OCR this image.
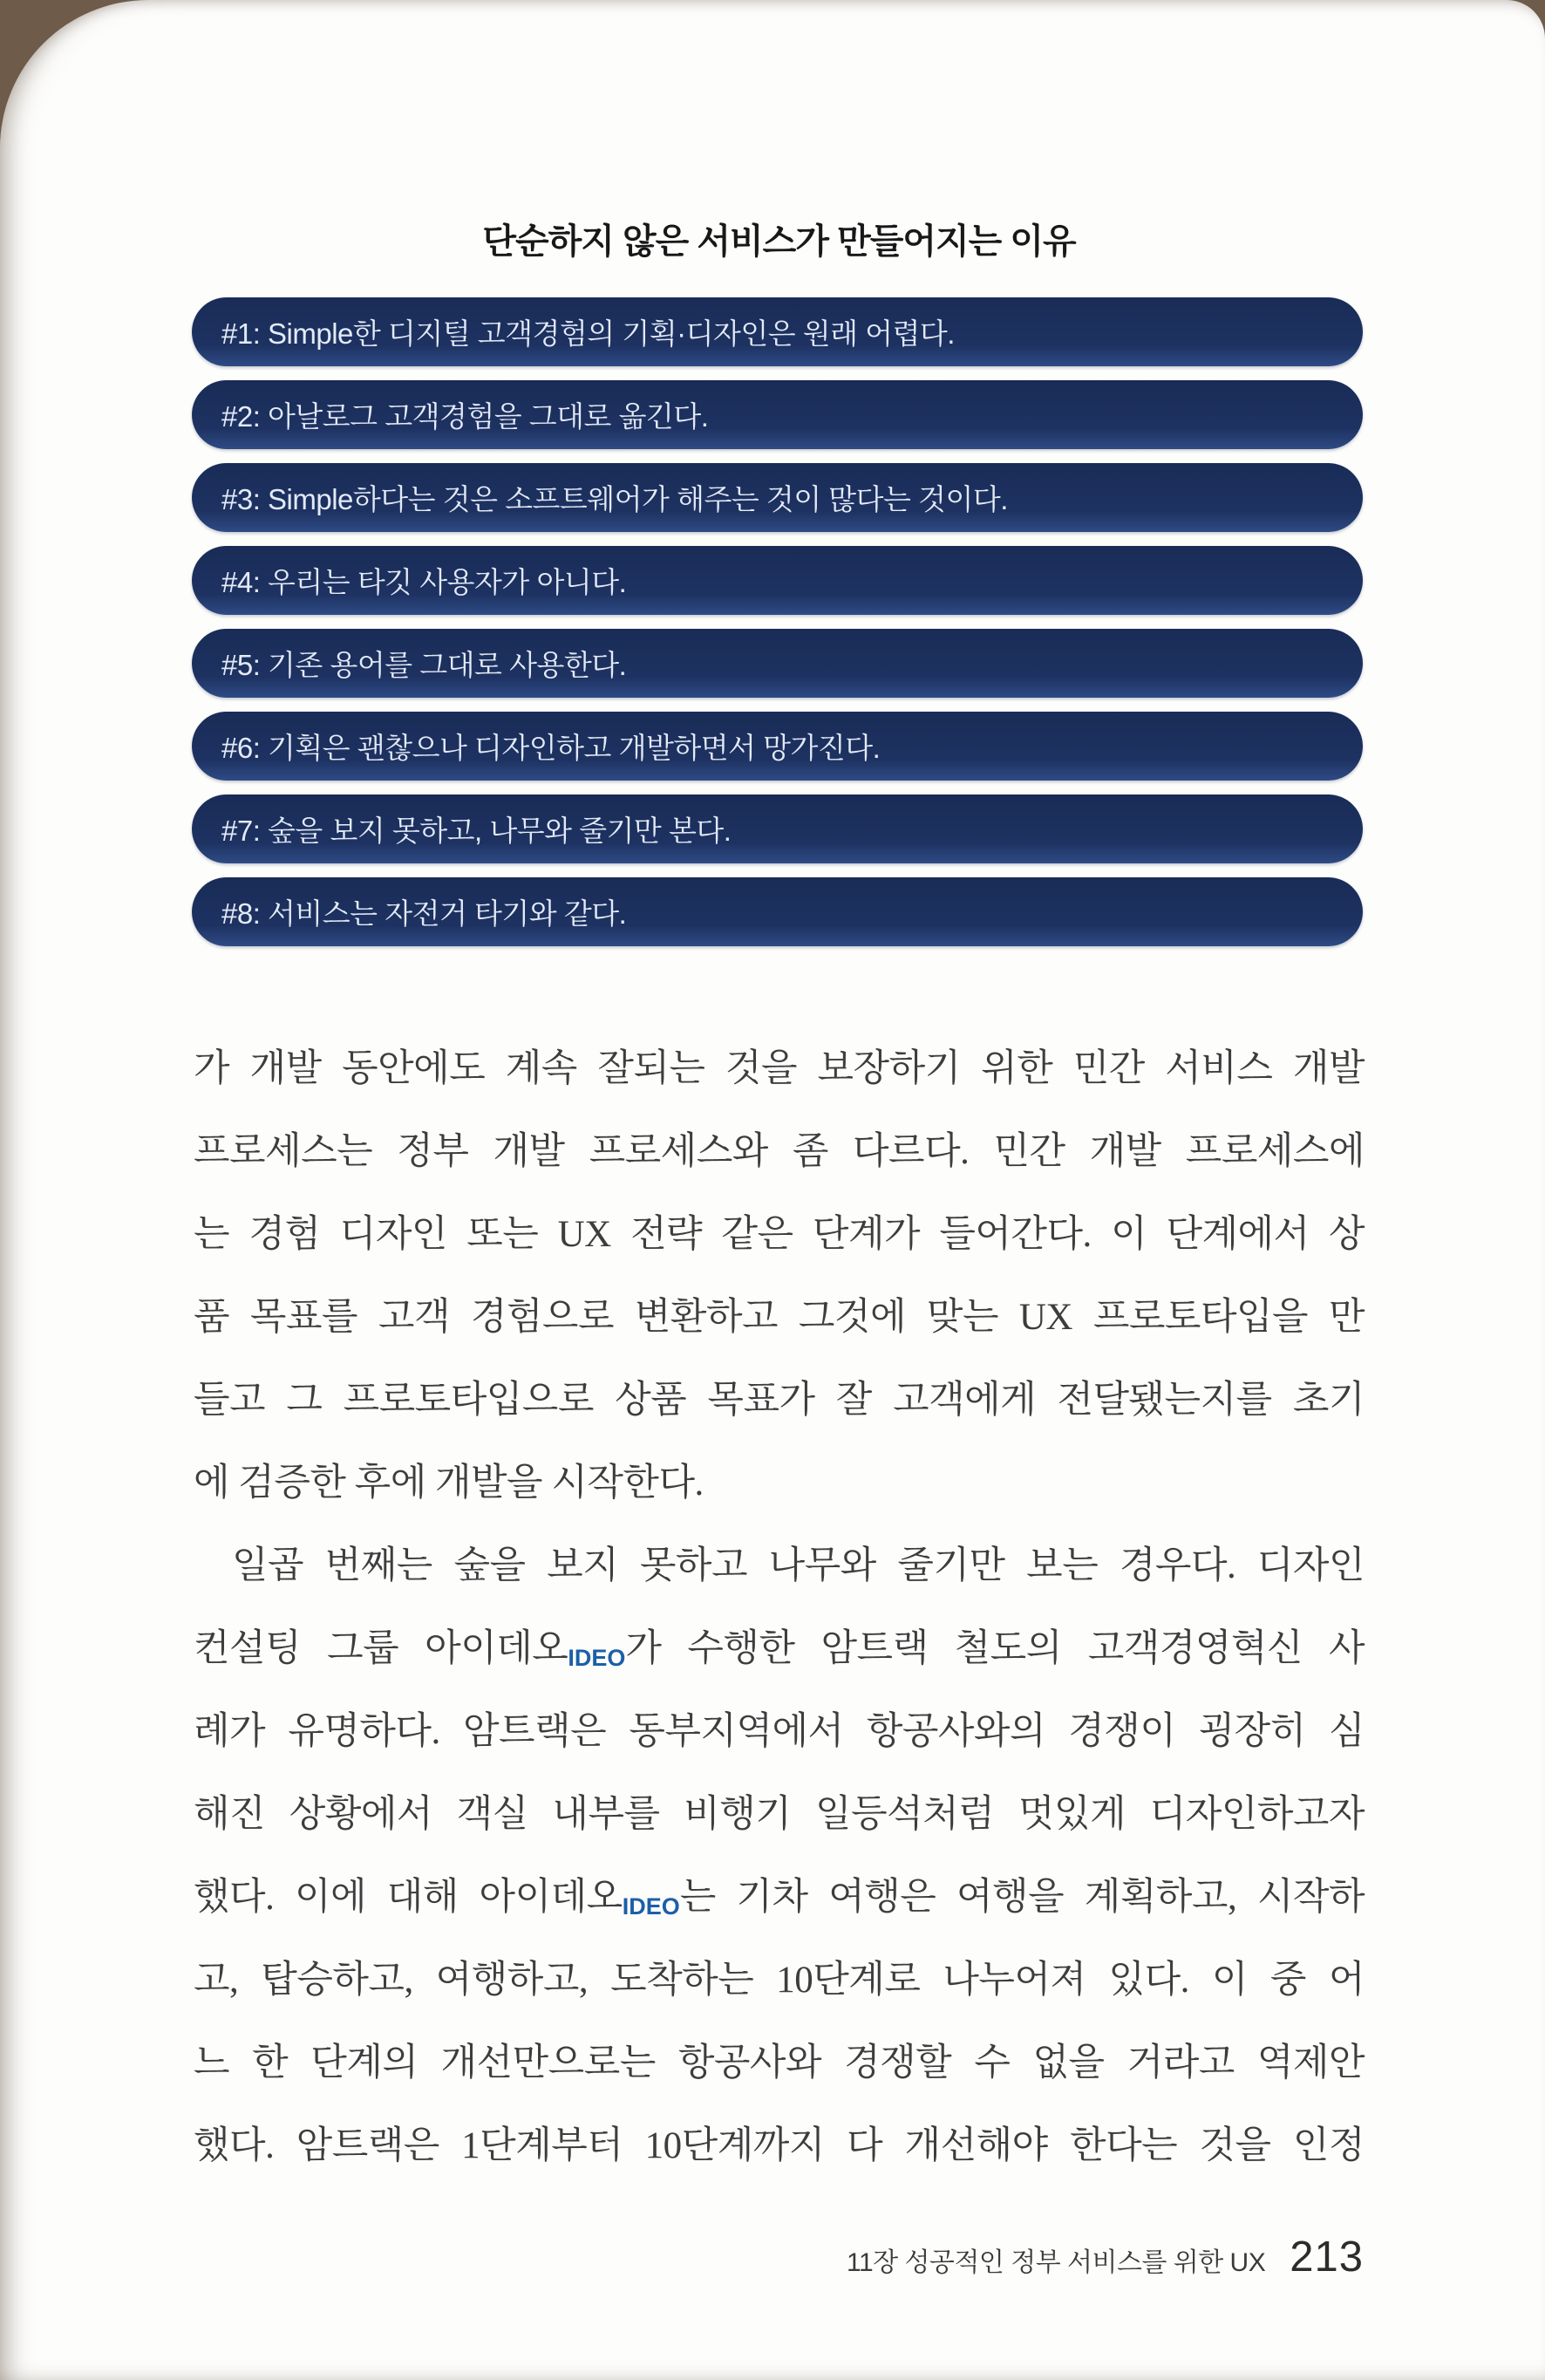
단순하지 않은 서비스가 만들어지는 이유
#1: Simple한 디지털 고객경험의 기획·디자인은 원래 어렵다.
#2: 아날로그 고객경험을 그대로 옮긴다.
#3: Simple하다는 것은 소프트웨어가 해주는 것이 많다는 것이다.
#4: 우리는 타깃 사용자가 아니다.
#5: 기존 용어를 그대로 사용한다.
#6: 기획은 괜찮으나 디자인하고 개발하면서 망가진다.
#7: 숲을 보지 못하고, 나무와 줄기만 본다.
#8: 서비스는 자전거 타기와 같다.
가 개발 동안에도 계속 잘되는 것을 보장하기 위한 민간 서비스 개발
프로세스는 정부 개발 프로세스와 좀 다르다. 민간 개발 프로세스에
는 경험 디자인 또는 UX 전략 같은 단계가 들어간다. 이 단계에서 상
품 목표를 고객 경험으로 변환하고 그것에 맞는 UX 프로토타입을 만
들고 그 프로토타입으로 상품 목표가 잘 고객에게 전달됐는지를 초기
에 검증한 후에 개발을 시작한다.
일곱 번째는 숲을 보지 못하고 나무와 줄기만 보는 경우다. 디자인
컨설팅 그룹 아이데오IDEO가 수행한 암트랙 철도의 고객경영혁신 사
례가 유명하다. 암트랙은 동부지역에서 항공사와의 경쟁이 굉장히 심
해진 상황에서 객실 내부를 비행기 일등석처럼 멋있게 디자인하고자
했다. 이에 대해 아이데오IDEO는 기차 여행은 여행을 계획하고, 시작하
고, 탑승하고, 여행하고, 도착하는 10단계로 나누어져 있다. 이 중 어
느 한 단계의 개선만으로는 항공사와 경쟁할 수 없을 거라고 역제안
했다. 암트랙은 1단계부터 10단계까지 다 개선해야 한다는 것을 인정
11장 성공적인 정부 서비스를 위한 UX 213
